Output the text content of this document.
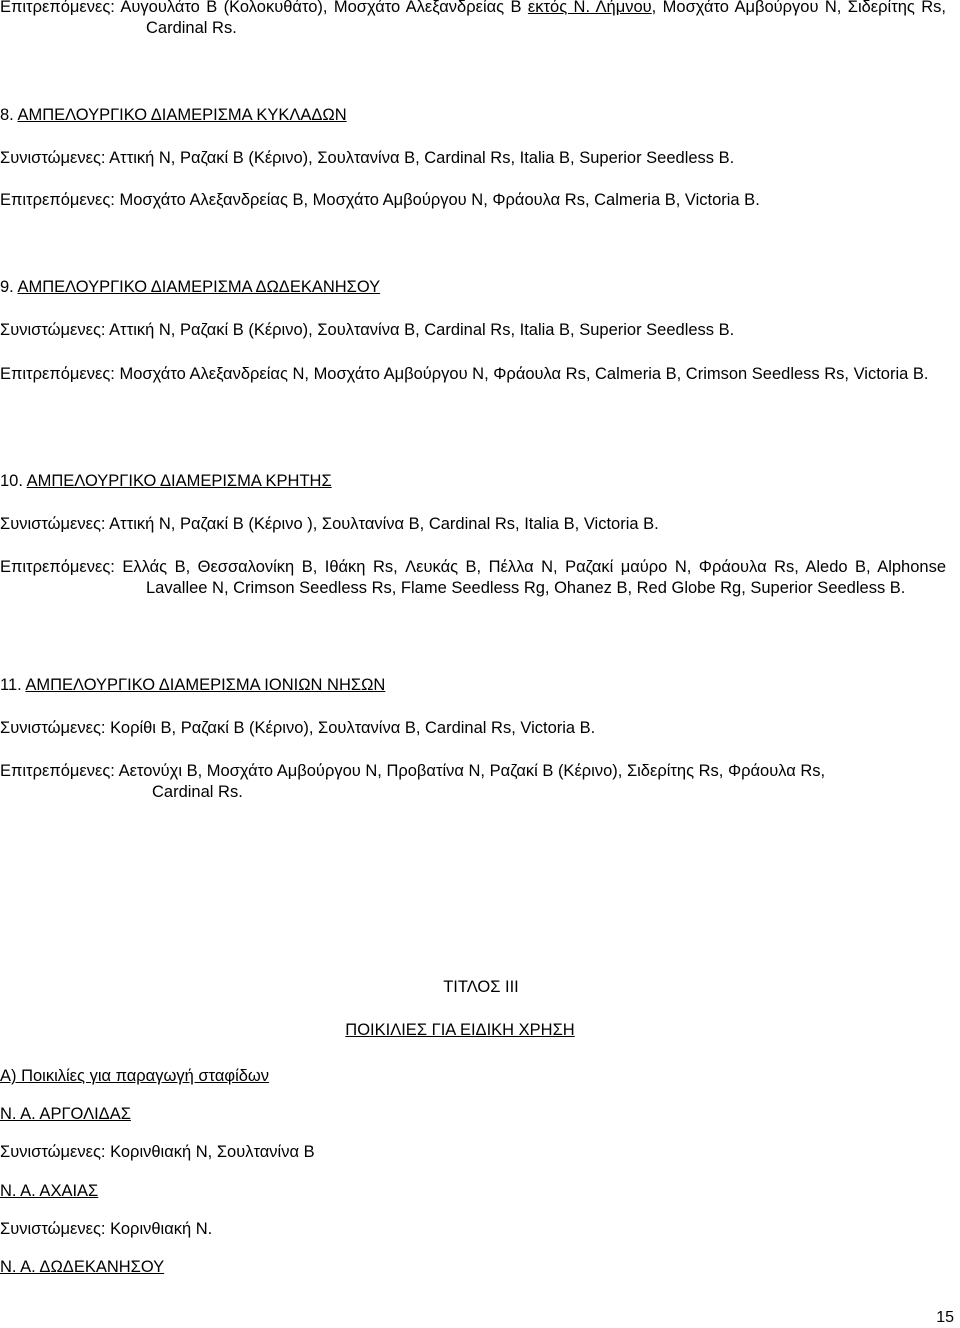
Επιτρεπόμενες: Αυγουλάτο Β (Κολοκυθάτο), Μοσχάτο Αλεξανδρείας Β εκτός Ν. Λήμνου, Μοσχάτο Αμβούργου Ν, Σιδερίτης Rs, Cardinal Rs.

8. ΑΜΠΕΛΟΥΡΓΙΚΟ ΔΙΑΜΕΡΙΣΜΑ ΚΥΚΛΑΔΩΝ

Συνιστώμενες: Αττική Ν, Ραζακί Β (Κέρινο), Σουλτανίνα Β, Cardinal Rs, Italia B, Superior Seedless B.

Επιτρεπόμενες: Μοσχάτο Αλεξανδρείας Β, Μοσχάτο Αμβούργου Ν, Φράουλα Rs, Calmeria B, Victoria B.

9. ΑΜΠΕΛΟΥΡΓΙΚΟ ΔΙΑΜΕΡΙΣΜΑ ΔΩΔΕΚΑΝΗΣΟΥ

Συνιστώμενες: Αττική Ν, Ραζακί Β (Κέρινο), Σουλτανίνα Β, Cardinal Rs, Italia B, Superior Seedless B.

Επιτρεπόμενες: Μοσχάτο Αλεξανδρείας Ν, Μοσχάτο Αμβούργου Ν, Φράουλα Rs, Calmeria B, Crimson Seedless Rs, Victoria B.

10. ΑΜΠΕΛΟΥΡΓΙΚΟ ΔΙΑΜΕΡΙΣΜΑ ΚΡΗΤΗΣ

Συνιστώμενες: Αττική Ν, Ραζακί Β (Κέρινο ), Σουλτανίνα Β, Cardinal Rs, Italia B, Victoria B.

Επιτρεπόμενες: Ελλάς Β, Θεσσαλονίκη Β, Ιθάκη Rs, Λευκάς Β, Πέλλα Ν, Ραζακί μαύρο Ν, Φράουλα Rs, Aledo B, Alphonse Lavallee N, Crimson Seedless Rs, Flame Seedless Rg, Ohanez B, Red Globe Rg, Superior Seedless B.

11. ΑΜΠΕΛΟΥΡΓΙΚΟ ΔΙΑΜΕΡΙΣΜΑ ΙΟΝΙΩΝ ΝΗΣΩΝ

Συνιστώμενες: Κορίθι Β, Ραζακί Β (Κέρινο), Σουλτανίνα Β, Cardinal Rs, Victoria B.

Επιτρεπόμενες: Αετονύχι Β, Μοσχάτο Αμβούργου Ν, Προβατίνα Ν, Ραζακί Β (Κέρινο), Σιδερίτης Rs, Φράουλα Rs, Cardinal Rs.

ΤΙΤΛΟΣ ΙΙΙ

ΠΟΙΚΙΛΙΕΣ ΓΙΑ ΕΙΔΙΚΗ ΧΡΗΣΗ

Α) Ποικιλίες για παραγωγή σταφίδων

Ν. Α. ΑΡΓΟΛΙΔΑΣ

Συνιστώμενες: Κορινθιακή Ν, Σουλτανίνα Β

Ν. Α. ΑΧΑΙΑΣ

Συνιστώμενες: Κορινθιακή Ν.

Ν. Α. ΔΩΔΕΚΑΝΗΣΟΥ

15
